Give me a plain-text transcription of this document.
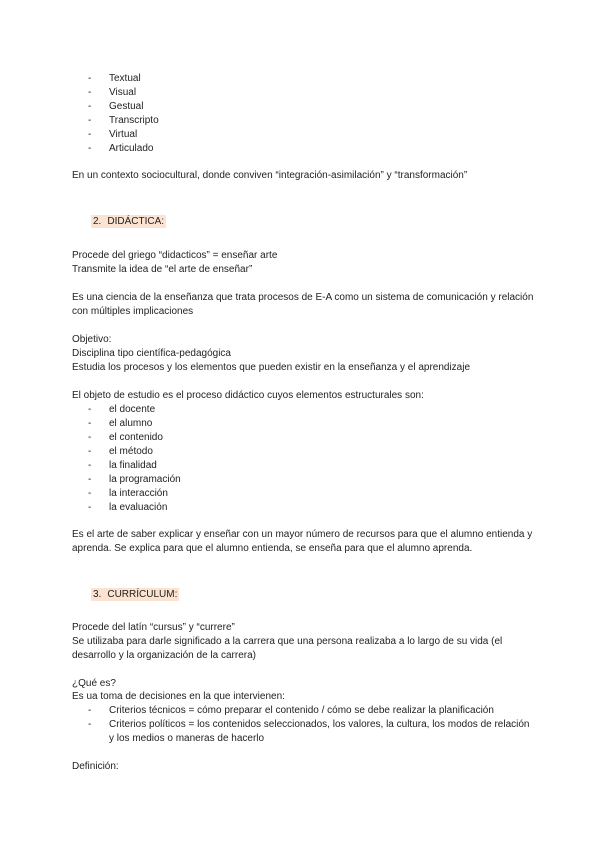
- Textual
- Visual
- Gestual
- Transcripto
- Virtual
- Articulado

En un contexto sociocultural, donde conviven “integración-asimilación” y “transformación”

2. DIDÁCTICA:

Procede del griego “didacticos” = enseñar arte

Transmite la idea de “el arte de enseñar”

Es una ciencia de la enseñanza que trata procesos de E-A como un sistema de comunicación y relación

con múltiples implicaciones

Objetivo:

Disciplina tipo científica-pedagógica

Estudia los procesos y los elementos que pueden existir en la enseñanza y el aprendizaje

El objeto de estudio es el proceso didáctico cuyos elementos estructurales son:

- el docente
- el alumno
- el contenido
- el método
- la finalidad
- la programación
- la interacción
- la evaluación

Es el arte de saber explicar y enseñar con un mayor número de recursos para que el alumno entienda y

aprenda. Se explica para que el alumno entienda, se enseña para que el alumno aprenda.

3. CURRÍCULUM:

Procede del latín “cursus” y “currere”

Se utilizaba para darle significado a la carrera que una persona realizaba a lo largo de su vida (el

desarrollo y la organización de la carrera)

¿Qué es?

Es ua toma de decisiones en la que intervienen:

- Criterios técnicos = cómo preparar el contenido / cómo se debe realizar la planificación
- Criterios políticos = los contenidos seleccionados, los valores, la cultura, los modos de relación
y los medios o maneras de hacerlo

Definición:
